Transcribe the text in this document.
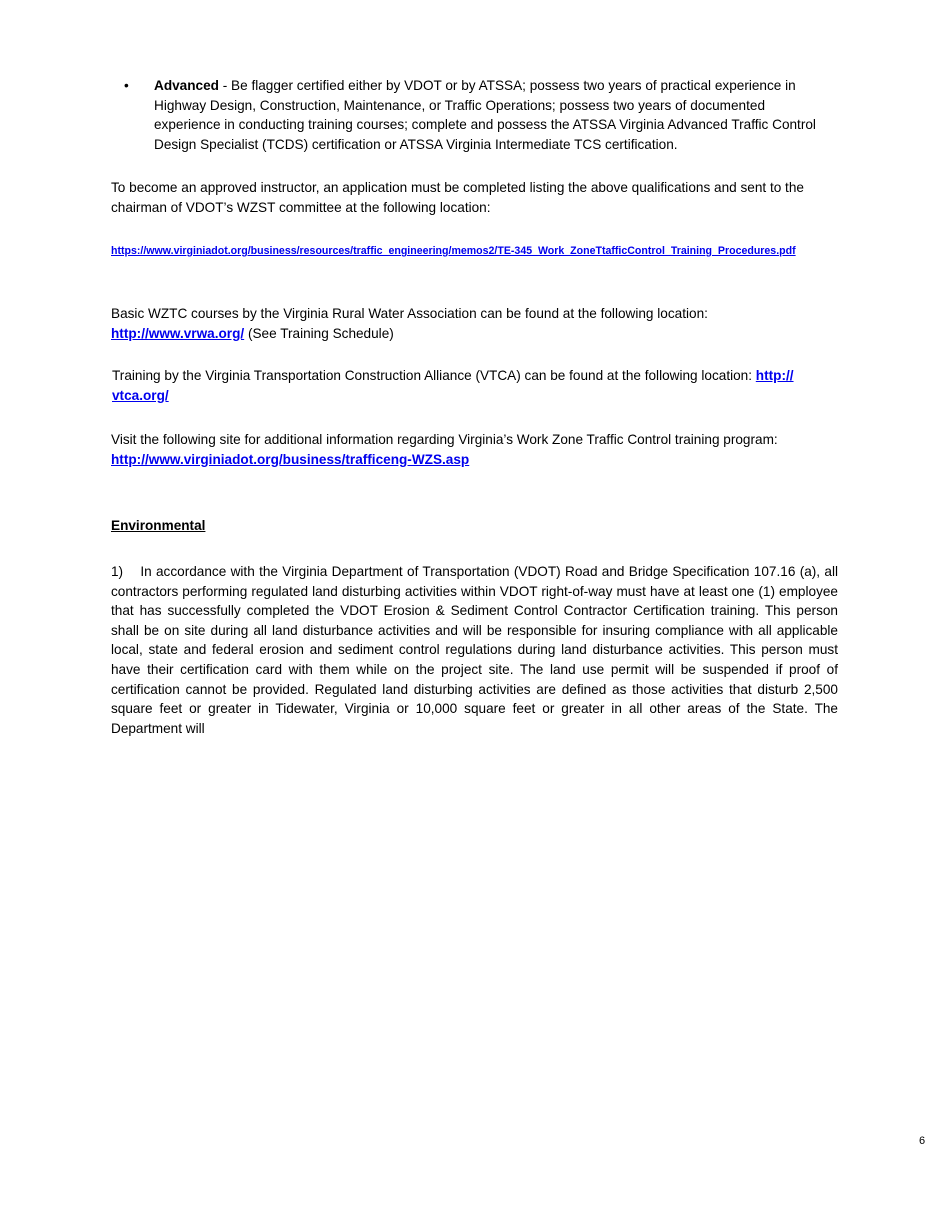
•	Advanced - Be flagger certified either by VDOT or by ATSSA; possess two years of practical experience in Highway Design, Construction, Maintenance, or Traffic Operations; possess two years of documented experience in conducting training courses; complete and possess the ATSSA Virginia Advanced Traffic Control Design Specialist (TCDS) certification or ATSSA Virginia Intermediate TCS certification.
To become an approved instructor, an application must be completed listing the above qualifications and sent to the chairman of VDOT’s WZST committee at the following location:
https://www.virginiadot.org/business/resources/traffic_engineering/memos2/TE-345_Work_ZoneTtafficControl_Training_Procedures.pdf
Basic WZTC courses by the Virginia Rural Water Association can be found at the following location:
http://www.vrwa.org/ (See Training Schedule)
Training by the Virginia Transportation Construction Alliance (VTCA) can be found at the following location: http:// vtca.org/
Visit the following site for additional information regarding Virginia’s Work Zone Traffic Control training program:
http://www.virginiadot.org/business/trafficeng-WZS.asp
Environmental
1) In accordance with the Virginia Department of Transportation (VDOT) Road and Bridge Specification 107.16 (a), all contractors performing regulated land disturbing activities within VDOT right-of-way must have at least one (1) employee that has successfully completed the VDOT Erosion & Sediment Control Contractor Certification training. This person shall be on site during all land disturbance activities and will be responsible for insuring compliance with all applicable local, state and federal erosion and sediment control regulations during land disturbance activities. This person must have their certification card with them while on the project site. The land use permit will be suspended if proof of certification cannot be provided. Regulated land disturbing activities are defined as those activities that disturb 2,500 square feet or greater in Tidewater, Virginia or 10,000 square feet or greater in all other areas of the State. The Department will
6
